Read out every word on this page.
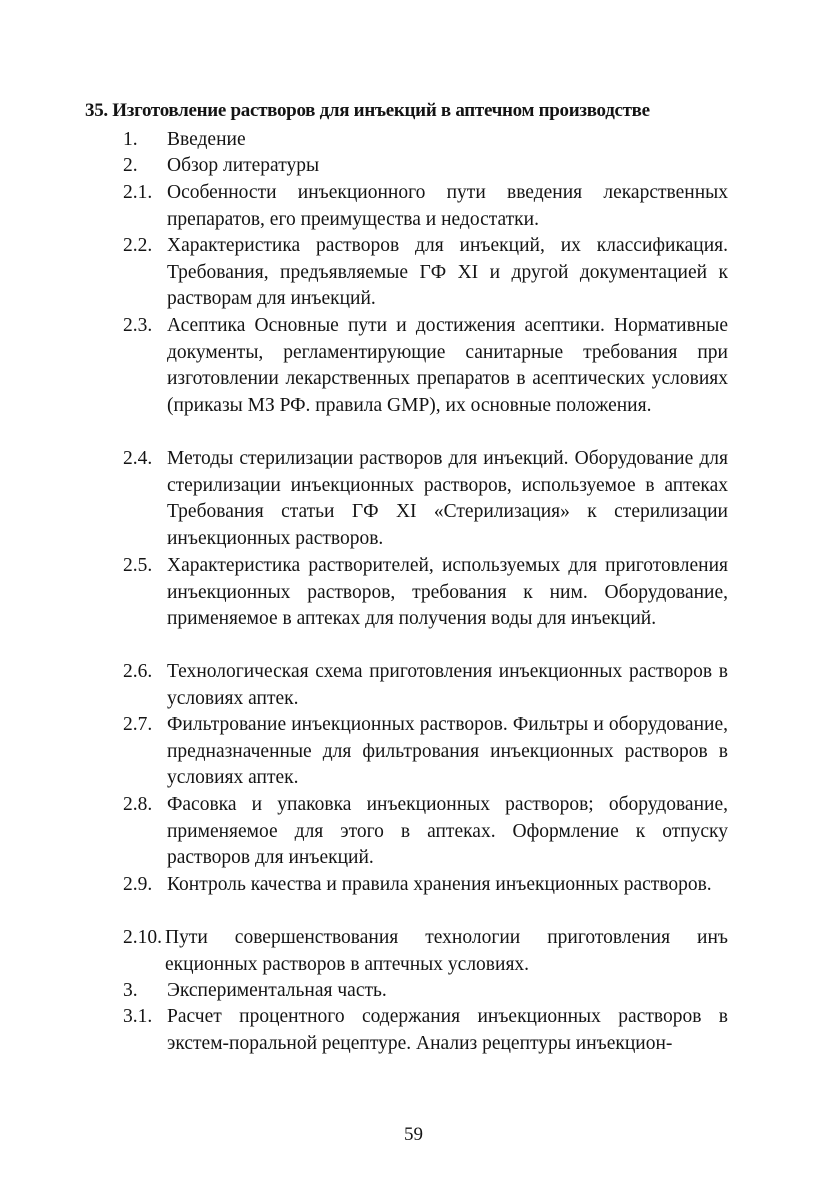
35. Изготовление растворов для инъекций в аптечном производстве
1. Введение
2. Обзор литературы
2.1. Особенности инъекционного пути введения лекарственных препаратов, его преимущества и недостатки.
2.2. Характеристика растворов для инъекций, их классификация. Требования, предъявляемые ГФ XI и другой документацией к растворам для инъекций.
2.3. Асептика Основные пути и достижения асептики. Нормативные документы, регламентирующие санитарные требования при изготовлении лекарственных препаратов в асептических условиях (приказы МЗ РФ. правила GMP), их основные положения.
2.4. Методы стерилизации растворов для инъекций. Оборудование для стерилизации инъекционных растворов, используемое в аптеках Требования статьи ГФ XI «Стерилизация» к стерилизации инъекционных растворов.
2.5. Характеристика растворителей, используемых для приготовления инъекционных растворов, требования к ним. Оборудование, применяемое в аптеках для получения воды для инъекций.
2.6. Технологическая схема приготовления инъекционных растворов в условиях аптек.
2.7. Фильтрование инъекционных растворов. Фильтры и оборудование, предназначенные для фильтрования инъекционных растворов в условиях аптек.
2.8. Фасовка и упаковка инъекционных растворов; оборудование, применяемое для этого в аптеках. Оформление к отпуску растворов для инъекций.
2.9. Контроль качества и правила хранения инъекционных растворов.
2.10. Пути совершенствования технологии приготовления инъ екционных растворов в аптечных условиях.
3. Экспериментальная часть.
3.1. Расчет процентного содержания инъекционных растворов в экстем-поральной рецептуре. Анализ рецептуры инъекцион-
59
